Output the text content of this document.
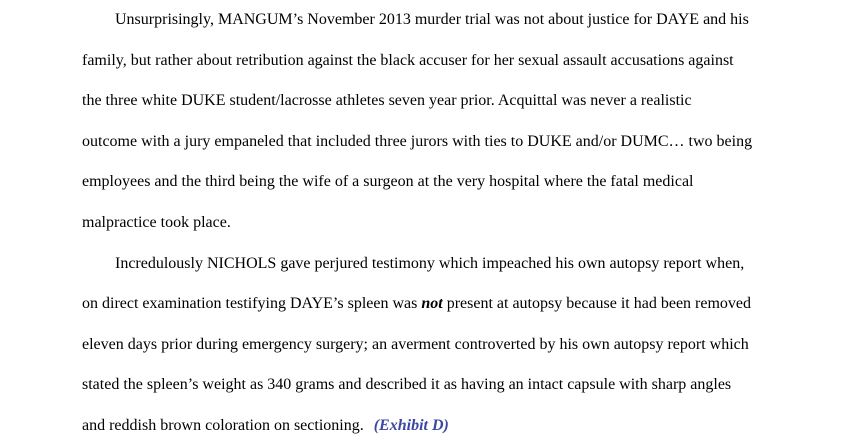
Unsurprisingly, MANGUM’s November 2013 murder trial was not about justice for DAYE and his
family, but rather about retribution against the black accuser for her sexual assault accusations against
the three white DUKE student/lacrosse athletes seven year prior. Acquittal was never a realistic
outcome with a jury empaneled that included three jurors with ties to DUKE and/or DUMC… two being
employees and the third being the wife of a surgeon at the very hospital where the fatal medical
malpractice took place.
Incredulously NICHOLS gave perjured testimony which impeached his own autopsy report when,
on direct examination testifying DAYE’s spleen was not present at autopsy because it had been removed
eleven days prior during emergency surgery; an averment controverted by his own autopsy report which
stated the spleen’s weight as 340 grams and described it as having an intact capsule with sharp angles
and reddish brown coloration on sectioning. (Exhibit D)
